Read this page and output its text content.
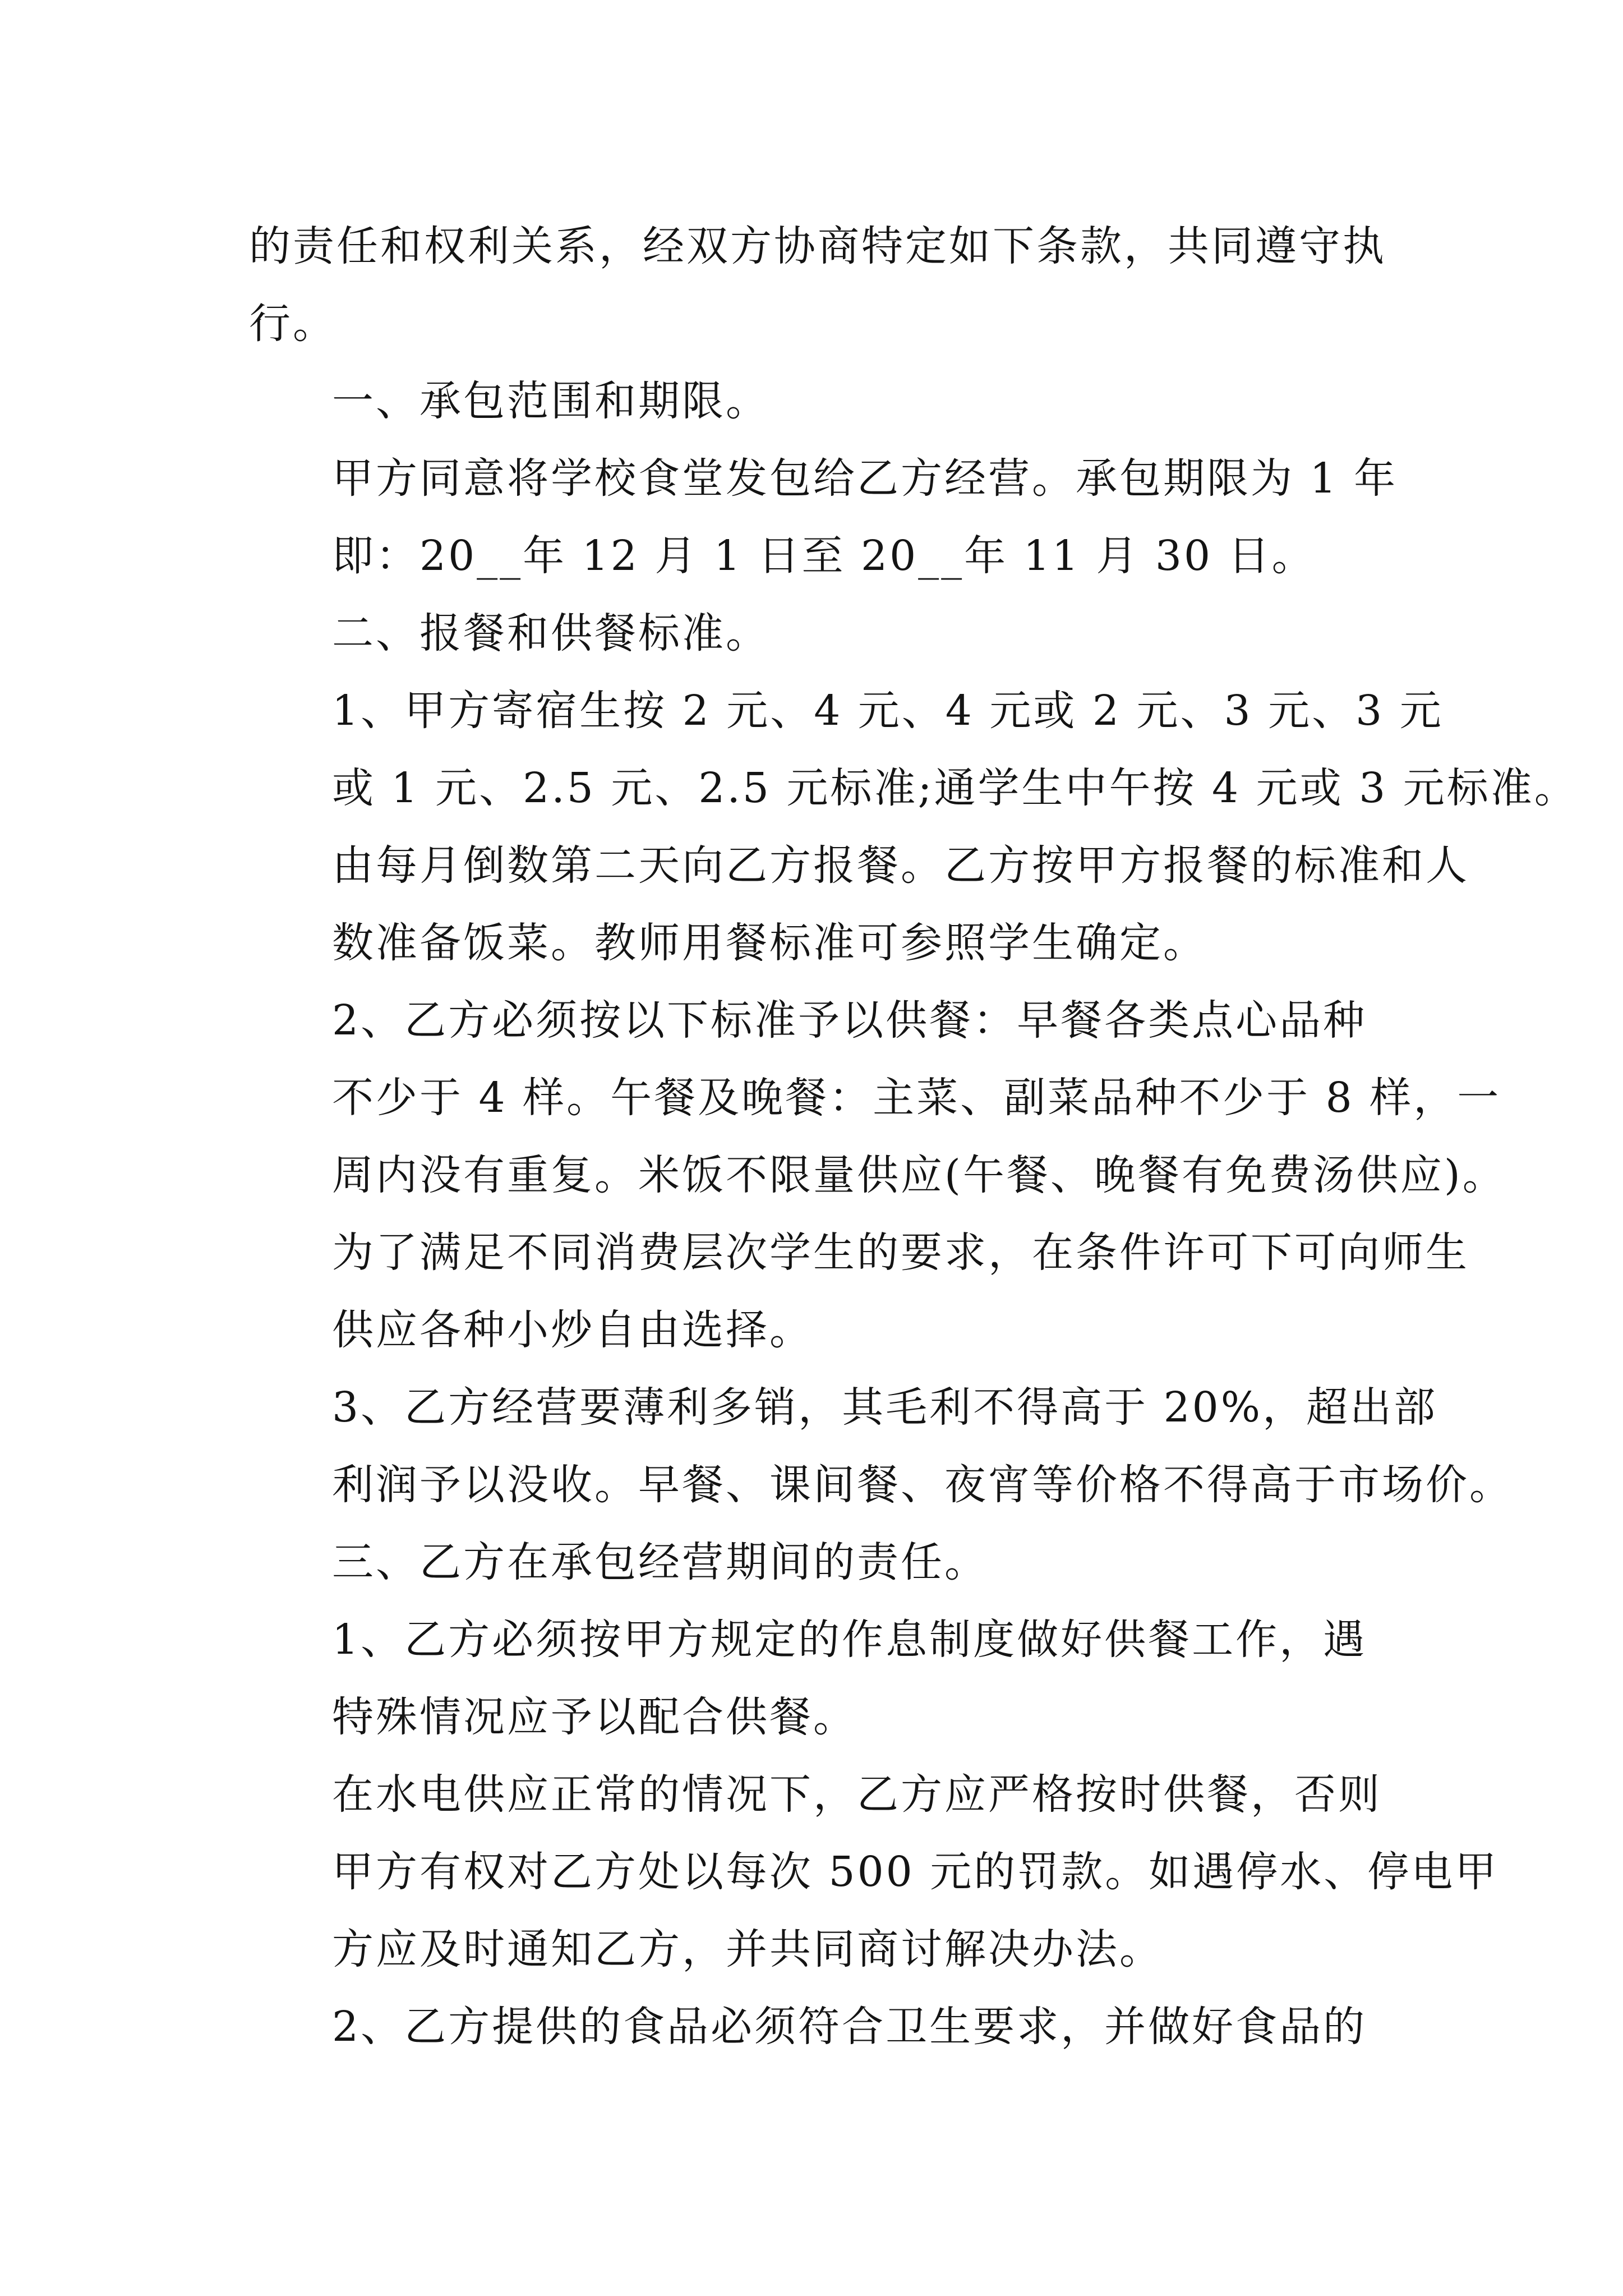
的责任和权利关系，经双方协商特定如下条款，共同遵守执
行。

一、承包范围和期限。

甲方同意将学校食堂发包给乙方经营。承包期限为 1 年
即：20__年 12 月 1 日至 20__年 11 月 30 日。

二、报餐和供餐标准。

1、甲方寄宿生按 2 元、4 元、4 元或 2 元、3 元、3 元
或 1 元、2.5 元、2.5 元标准;通学生中午按 4 元或 3 元标准。
由每月倒数第二天向乙方报餐。乙方按甲方报餐的标准和人
数准备饭菜。教师用餐标准可参照学生确定。

2、乙方必须按以下标准予以供餐：早餐各类点心品种
不少于 4 样。午餐及晚餐：主菜、副菜品种不少于 8 样，一
周内没有重复。米饭不限量供应(午餐、晚餐有免费汤供应)。
为了满足不同消费层次学生的要求，在条件许可下可向师生
供应各种小炒自由选择。

3、乙方经营要薄利多销，其毛利不得高于 20%，超出部
利润予以没收。早餐、课间餐、夜宵等价格不得高于市场价。

三、乙方在承包经营期间的责任。

1、乙方必须按甲方规定的作息制度做好供餐工作，遇
特殊情况应予以配合供餐。

在水电供应正常的情况下，乙方应严格按时供餐，否则
甲方有权对乙方处以每次 500 元的罚款。如遇停水、停电甲
方应及时通知乙方，并共同商讨解决办法。

2、乙方提供的食品必须符合卫生要求，并做好食品的
